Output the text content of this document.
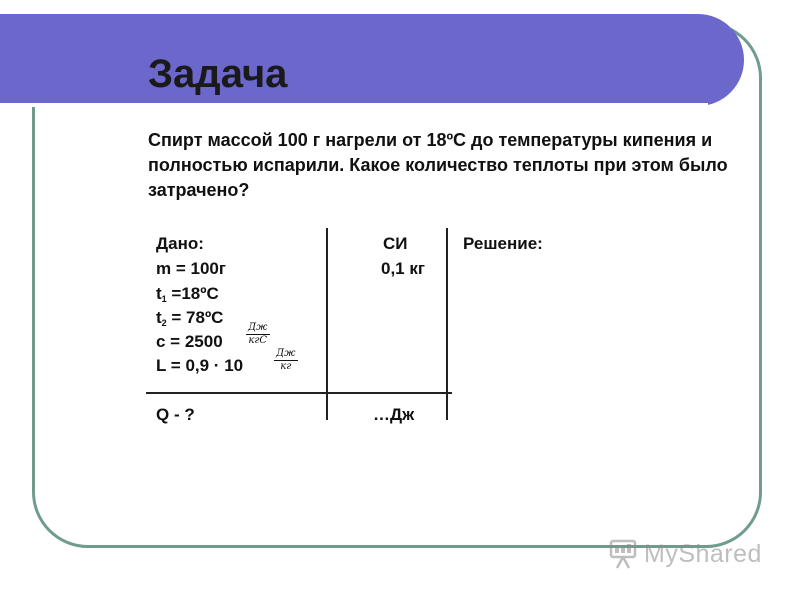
Задача
Спирт массой 100 г нагрели от 18ºС до температуры кипения и полностью испарили. Какое количество теплоты при этом было затрачено?
Дано:	СИ	Решение:
m = 100г	0,1 кг
t1 =18ºС
t2 = 78ºС
c = 2500
Дж
кгС
L = 0,9 · 10
Дж
кг
Q - ?	…Дж
MyShared
